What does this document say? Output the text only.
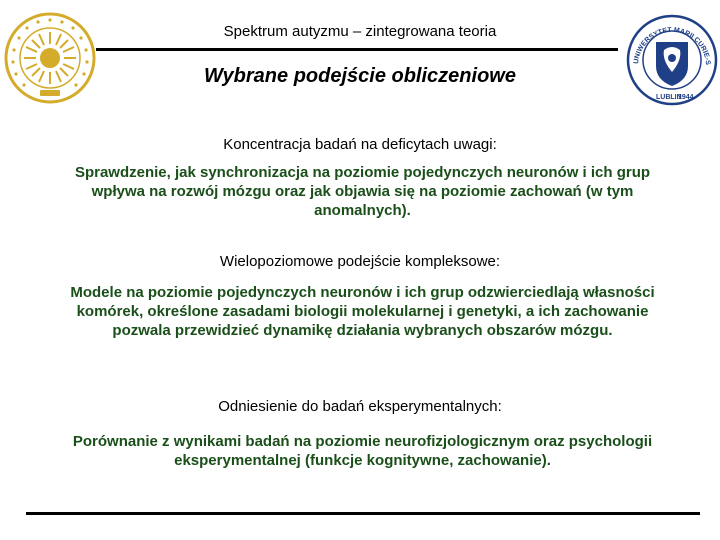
UNIWERSYTET MARII CURIE-S
LUBLIN
1944
Spektrum autyzmu – zintegrowana teoria
Wybrane podejście obliczeniowe
Koncentracja badań na deficytach uwagi:
Sprawdzenie, jak synchronizacja na poziomie pojedynczych neuronów i ich grup wpływa na rozwój mózgu oraz jak objawia się na poziomie zachowań (w tym anomalnych).
Wielopoziomowe podejście kompleksowe:
Modele na poziomie pojedynczych neuronów i ich grup odzwierciedlają własności komórek, określone zasadami biologii molekularnej i genetyki, a ich zachowanie pozwala przewidzieć dynamikę działania wybranych obszarów mózgu.
Odniesienie do badań eksperymentalnych:
Porównanie z wynikami badań na poziomie neurofizjologicznym oraz psychologii eksperymentalnej (funkcje kognitywne, zachowanie).
